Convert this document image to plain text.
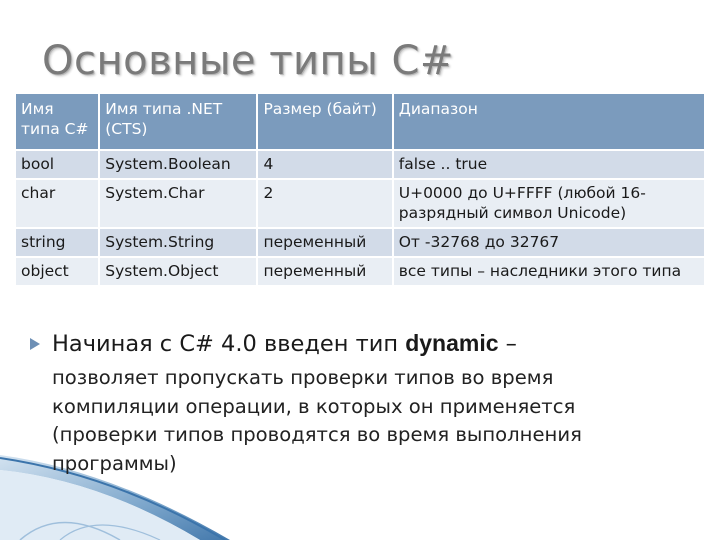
Основные типы C#
Имя типа C#	Имя типа .NET (CTS)	Размер (байт)	Диапазон
bool	System.Boolean	4	false .. true
char	System.Char	2	U+0000 до U+FFFF (любой 16-разрядный символ Unicode)
string	System.String	переменный	От -32768 до 32767
object	System.Object	переменный	все типы – наследники этого типа
Начиная с C# 4.0 введен тип dynamic –
позволяет пропускать проверки типов во время компиляции операции, в которых он применяется (проверки типов проводятся во время выполнения программы)
